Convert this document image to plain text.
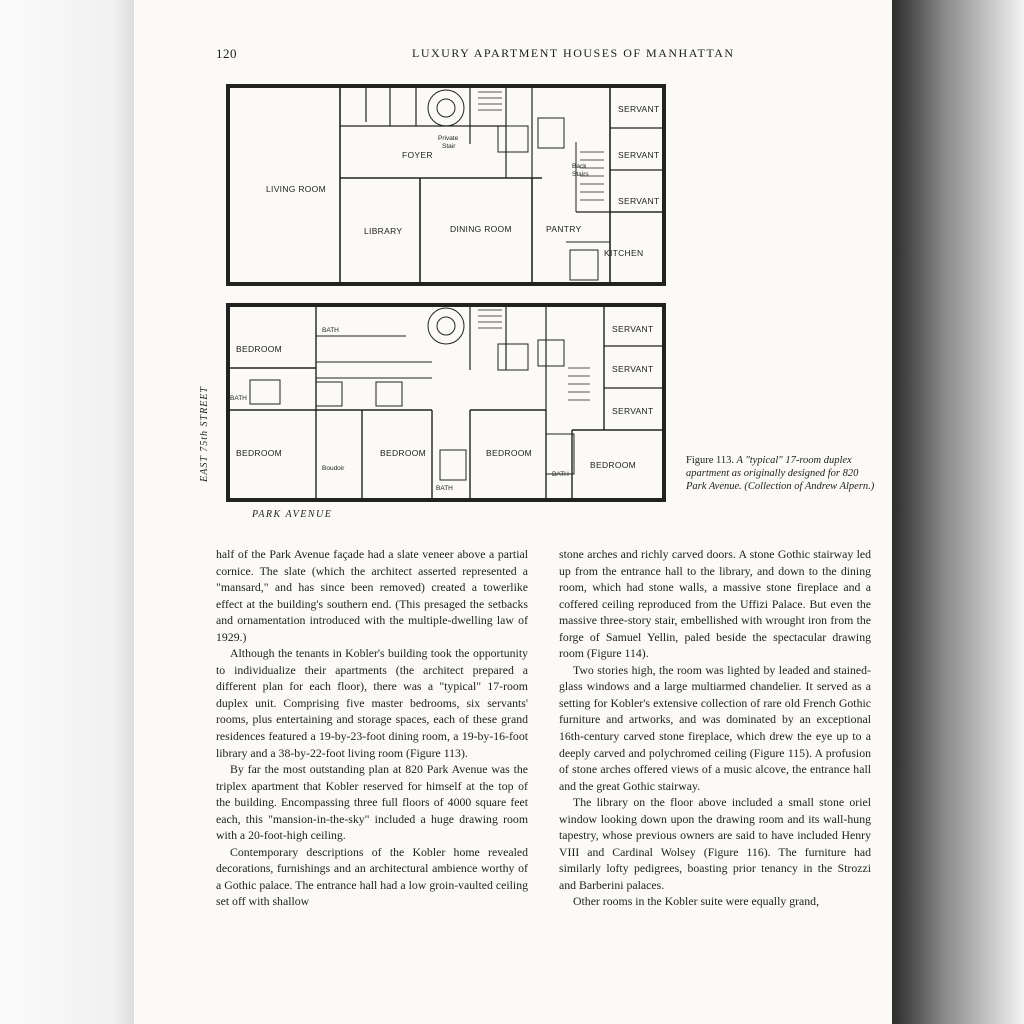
120	LUXURY APARTMENT HOUSES OF MANHATTAN
LIVING ROOM
FOYER
LIBRARY	DINING ROOM	PANTRY
KITCHEN
SERVANT
SERVANT
SERVANT
Private
Stair
Back
Stairs
BEDROOM
BATH
BATH
BEDROOM
Boudoir
BEDROOM	BEDROOM
BATH
BATH
BEDROOM
SERVANT
SERVANT
SERVANT
EAST 75th STREET
PARK AVENUE
Figure 113. A "typical" 17-room duplex apartment as originally designed for 820 Park Avenue. (Collection of Andrew Alpern.)

half of the Park Avenue façade had a slate veneer above a partial cornice. The slate (which the architect asserted represented a "mansard," and has since been removed) created a towerlike effect at the building's southern end. (This presaged the setbacks and ornamentation introduced with the multiple-dwelling law of 1929.)

Although the tenants in Kobler's building took the opportunity to individualize their apartments (the architect prepared a different plan for each floor), there was a "typical" 17-room duplex unit. Comprising five master bedrooms, six servants' rooms, plus entertaining and storage spaces, each of these grand residences featured a 19-by-23-foot dining room, a 19-by-16-foot library and a 38-by-22-foot living room (Figure 113).

By far the most outstanding plan at 820 Park Avenue was the triplex apartment that Kobler reserved for himself at the top of the building. Encompassing three full floors of 4000 square feet each, this "mansion-in-the-sky" included a huge drawing room with a 20-foot-high ceiling.

Contemporary descriptions of the Kobler home revealed decorations, furnishings and an architectural ambience worthy of a Gothic palace. The entrance hall had a low groin-vaulted ceiling set off with shallow

stone arches and richly carved doors. A stone Gothic stairway led up from the entrance hall to the library, and down to the dining room, which had stone walls, a massive stone fireplace and a coffered ceiling reproduced from the Uffizi Palace. But even the massive three-story stair, embellished with wrought iron from the forge of Samuel Yellin, paled beside the spectacular drawing room (Figure 114).

Two stories high, the room was lighted by leaded and stained-glass windows and a large multiarmed chandelier. It served as a setting for Kobler's extensive collection of rare old French Gothic furniture and artworks, and was dominated by an exceptional 16th-century carved stone fireplace, which drew the eye up to a deeply carved and polychromed ceiling (Figure 115). A profusion of stone arches offered views of a music alcove, the entrance hall and the great Gothic stairway.

The library on the floor above included a small stone oriel window looking down upon the drawing room and its wall-hung tapestry, whose previous owners are said to have included Henry VIII and Cardinal Wolsey (Figure 116). The furniture had similarly lofty pedigrees, boasting prior tenancy in the Strozzi and Barberini palaces.

Other rooms in the Kobler suite were equally grand,
